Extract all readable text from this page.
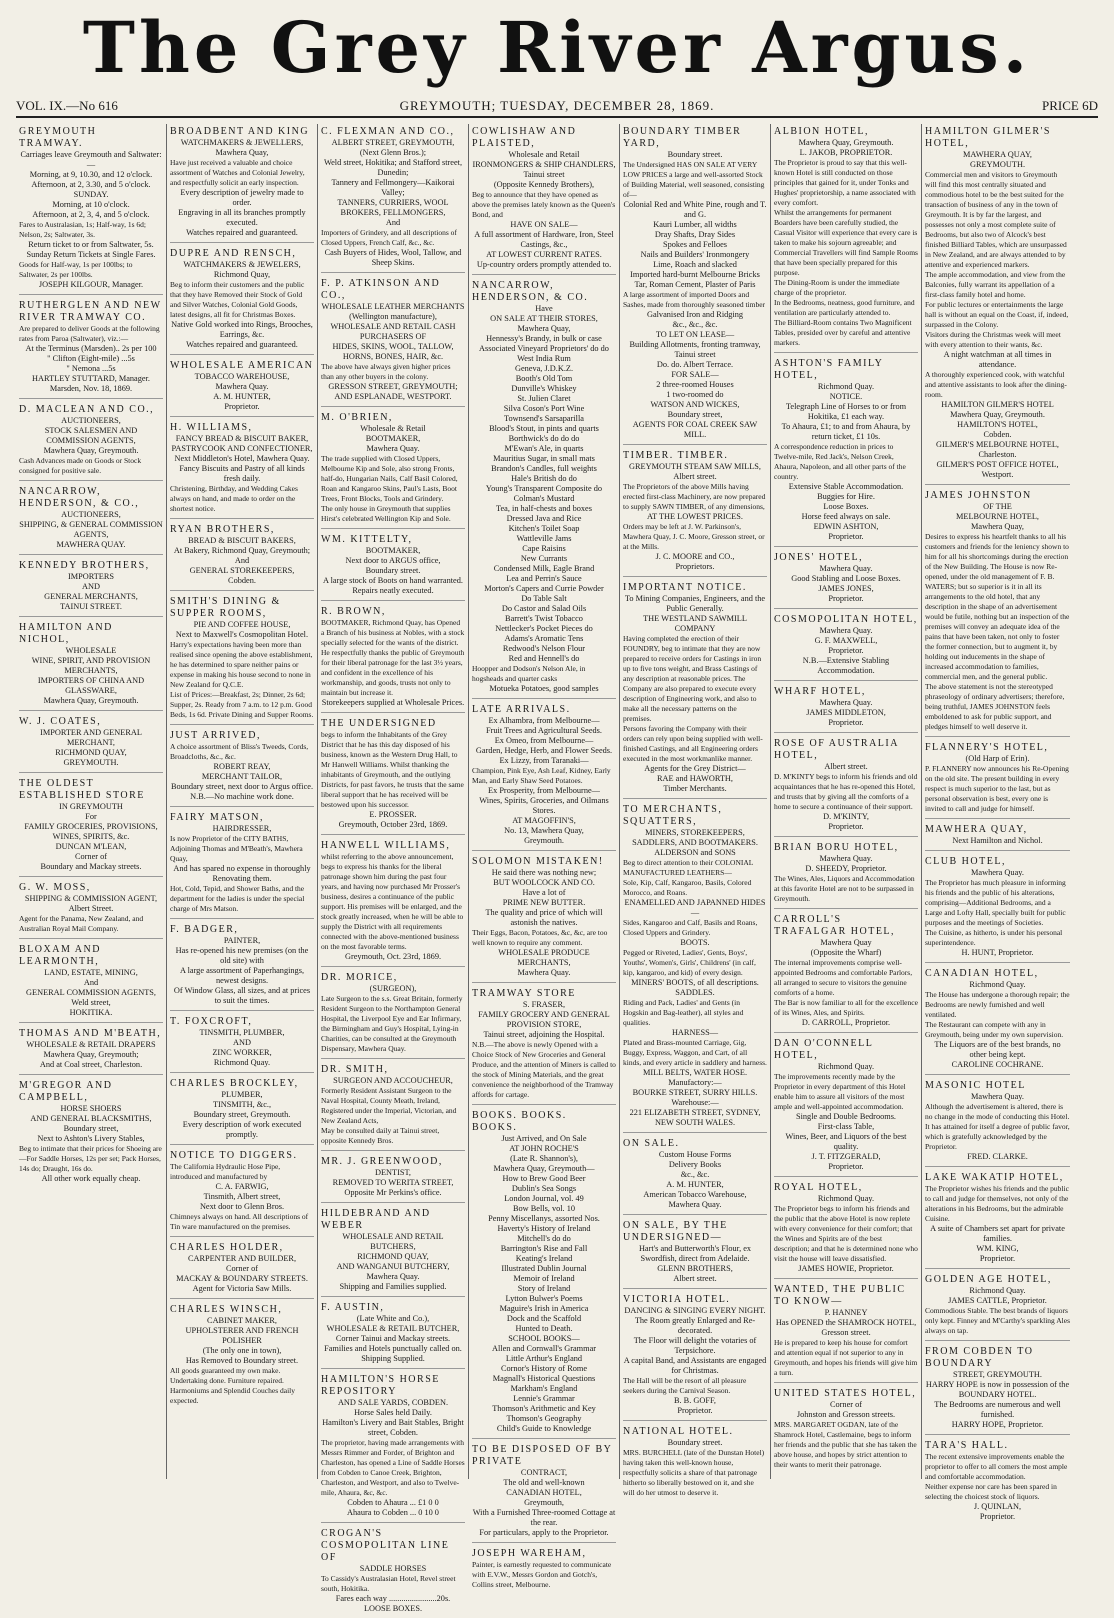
The Grey River Argus.
VOL. IX.—No 616	GREYMOUTH; TUESDAY, DECEMBER 28, 1869.	PRICE 6D
GREYMOUTH TRAMWAY.
Carriages leave Greymouth and Saltwater:—
Morning, at 9, 10.30, and 12 o'clock.
Afternoon, at 2, 3.30, and 5 o'clock.
SUNDAY.
Morning, at 10 o'clock.
Afternoon, at 2, 3, 4, and 5 o'clock.
Fares to Australasian, 1s; Half-way, 1s 6d; Nelson, 2s; Saltwater, 3s.
Return ticket to or from Saltwater, 5s.
Sunday Return Tickets at Single Fares.
Goods for Half-way, 1s per 100lbs; to Saltwater, 2s per 100lbs.
JOSEPH KILGOUR, Manager.
RUTHERGLEN AND NEW RIVER TRAMWAY CO.
Are prepared to deliver Goods at the following rates from Paroa (Saltwater), viz.:—
At the Terminus (Marsden).. 2s per 100
" Clifton (Eight-mile) ...5s
" Nemona ...5s
HARTLEY STUTTARD, Manager.
Marsden, Nov. 18, 1869.
D. MACLEAN AND CO.,
AUCTIONEERS,
STOCK SALESMEN AND COMMISSION AGENTS,
Mawhera Quay, Greymouth.
Cash Advances made on Goods or Stock consigned for positive sale.
NANCARROW, HENDERSON, & CO.,
AUCTIONEERS,
SHIPPING, & GENERAL COMMISSION AGENTS,
MAWHERA QUAY.
KENNEDY BROTHERS,
IMPORTERS
AND
GENERAL MERCHANTS,
TAINUI STREET.
HAMILTON AND NICHOL,
WHOLESALE
WINE, SPIRIT, AND PROVISION MERCHANTS,
IMPORTERS OF CHINA AND GLASSWARE,
Mawhera Quay, Greymouth.
W. J. COATES,
IMPORTER AND GENERAL MERCHANT,
RICHMOND QUAY,
GREYMOUTH.
THE OLDEST ESTABLISHED STORE
IN GREYMOUTH
For
FAMILY GROCERIES, PROVISIONS, WINES, SPIRITS, &c.
DUNCAN M'LEAN,
Corner of
Boundary and Mackay streets.
G. W. MOSS,
SHIPPING & COMMISSION AGENT,
Albert Street.
Agent for the Panama, New Zealand, and Australian Royal Mail Company.
BLOXAM AND LEARMONTH,
LAND, ESTATE, MINING,
And
GENERAL COMMISSION AGENTS,
Weld street,
HOKITIKA.
THOMAS AND M'BEATH,
WHOLESALE & RETAIL DRAPERS
Mawhera Quay, Greymouth;
And at Coal street, Charleston.
M'GREGOR AND CAMPBELL,
HORSE SHOERS
AND GENERAL BLACKSMITHS,
Boundary street,
Next to Ashton's Livery Stables,
Beg to intimate that their prices for Shoeing are—For Saddle Horses, 12s per set; Pack Horses, 14s do; Draught, 16s do.
All other work equally cheap.
BROADBENT AND KING
WATCHMAKERS & JEWELLERS,
Mawhera Quay,
Have just received a valuable and choice assortment of Watches and Colonial Jewelry, and respectfully solicit an early inspection.
Every description of jewelry made to order.
Engraving in all its branches promptly executed.
Watches repaired and guaranteed.
DUPRE AND RENSCH,
WATCHMAKERS & JEWELERS,
Richmond Quay,
Beg to inform their customers and the public that they have Removed their Stock of Gold and Silver Watches, Colonial Gold Goods, latest designs, all fit for Christmas Boxes.
Native Gold worked into Rings, Brooches, Earrings, &c.
Watches repaired and guaranteed.
WHOLESALE AMERICAN
TOBACCO WAREHOUSE,
Mawhera Quay.
A. M. HUNTER,
Proprietor.
H. WILLIAMS,
FANCY BREAD & BISCUIT BAKER,
PASTRYCOOK AND CONFECTIONER,
Next Middleton's Hotel, Mawhera Quay.
Fancy Biscuits and Pastry of all kinds fresh daily.
Christening, Birthday, and Wedding Cakes always on hand, and made to order on the shortest notice.
RYAN BROTHERS,
BREAD & BISCUIT BAKERS,
At Bakery, Richmond Quay, Greymouth;
And
GENERAL STOREKEEPERS,
Cobden.
SMITH'S DINING & SUPPER ROOMS,
PIE AND COFFEE HOUSE,
Next to Maxwell's Cosmopolitan Hotel.
Harry's expectations having been more than realised since opening the above establishment, he has determined to spare neither pains or expense in making his house second to none in New Zealand for Q.C.E.
List of Prices:—Breakfast, 2s; Dinner, 2s 6d; Supper, 2s. Ready from 7 a.m. to 12 p.m. Good Beds, 1s 6d. Private Dining and Supper Rooms.
JUST ARRIVED,
A choice assortment of Bliss's Tweeds, Cords, Broadcloths, &c., &c.
ROBERT REAY,
MERCHANT TAILOR,
Boundary street, next door to Argus office.
N.B.—No machine work done.
FAIRY MATSON,
HAIRDRESSER,
Is now Proprietor of the CITY BATHS, Adjoining Thomas and M'Beath's, Mawhera Quay,
And has spared no expense in thoroughly Renovating them.
Hot, Cold, Tepid, and Shower Baths, and the department for the ladies is under the special charge of Mrs Matson.
F. BADGER,
PAINTER,
Has re-opened his new premises (on the old site) with
A large assortment of Paperhangings, newest designs.
Of Window Glass, all sizes, and at prices to suit the times.
T. FOXCROFT,
TINSMITH, PLUMBER,
AND
ZINC WORKER,
Richmond Quay.
CHARLES BROCKLEY,
PLUMBER,
TINSMITH, &c.,
Boundary street, Greymouth.
Every description of work executed promptly.
NOTICE TO DIGGERS.
The California Hydraulic Hose Pipe, introduced and manufactured by
C. A. FARWIG,
Tinsmith, Albert street,
Next door to Glenn Bros.
Chimneys always on hand. All descriptions of Tin ware manufactured on the premises.
CHARLES HOLDER,
CARPENTER AND BUILDER,
Corner of
MACKAY & BOUNDARY STREETS.
Agent for Victoria Saw Mills.
CHARLES WINSCH,
CABINET MAKER,
UPHOLSTERER AND FRENCH POLISHER
(The only one in town),
Has Removed to Boundary street.
All goods guaranteed my own make. Undertaking done. Furniture repaired. Harmoniums and Splendid Couches daily expected.
C. FLEXMAN AND CO.,
ALBERT STREET, GREYMOUTH,
(Next Glenn Bros.);
Weld street, Hokitika; and Stafford street, Dunedin;
Tannery and Fellmongery—Kaikorai Valley;
TANNERS, CURRIERS, WOOL BROKERS, FELLMONGERS,
And
Importers of Grindery, and all descriptions of Closed Uppers, French Calf, &c., &c.
Cash Buyers of Hides, Wool, Tallow, and Sheep Skins.
F. P. ATKINSON AND CO.,
WHOLESALE LEATHER MERCHANTS
(Wellington manufacture),
WHOLESALE AND RETAIL CASH PURCHASERS OF
HIDES, SKINS, WOOL, TALLOW, HORNS, BONES, HAIR, &c.
The above have always given higher prices than any other buyers in the colony.
GRESSON STREET, GREYMOUTH; AND ESPLANADE, WESTPORT.
M. O'BRIEN,
Wholesale & Retail
BOOTMAKER,
Mawhera Quay.
The trade supplied with Closed Uppers, Melbourne Kip and Sole, also strong Fronts, half-do, Hungarian Nails, Calf Basil Colored, Roan and Kangaroo Skins, Paul's Lasts, Boot Trees, Front Blocks, Tools and Grindery.
The only house in Greymouth that supplies Hirst's celebrated Wellington Kip and Sole.
WM. KITTELTY,
BOOTMAKER,
Next door to ARGUS office,
Boundary street.
A large stock of Boots on hand warranted.
Repairs neatly executed.
R. BROWN,
BOOTMAKER, Richmond Quay, has Opened a Branch of his business at Nobles, with a stock specially selected for the wants of the district. He respectfully thanks the public of Greymouth for their liberal patronage for the last 3½ years, and confident in the excellence of his workmanship, and goods, trusts not only to maintain but increase it.
Storekeepers supplied at Wholesale Prices.
THE UNDERSIGNED
begs to inform the Inhabitants of the Grey District that he has this day disposed of his business, known as the Western Drug Hall, to Mr Hanwell Williams. Whilst thanking the inhabitants of Greymouth, and the outlying Districts, for past favors, he trusts that the same liberal support that he has received will be bestowed upon his successor.
E. PROSSER.
Greymouth, October 23rd, 1869.
HANWELL WILLIAMS,
whilst referring to the above announcement, begs to express his thanks for the liberal patronage shown him during the past four years, and having now purchased Mr Prosser's business, desires a continuance of the public support. His premises will be enlarged, and the stock greatly increased, when he will be able to supply the District with all requirements connected with the above-mentioned business on the most favorable terms.
Greymouth, Oct. 23rd, 1869.
DR. MORICE,
(SURGEON),
Late Surgeon to the s.s. Great Britain, formerly Resident Surgeon to the Northampton General Hospital, the Liverpool Eye and Ear Infirmary, the Birmingham and Guy's Hospital, Lying-in Charities, can be consulted at the Greymouth Dispensary, Mawhera Quay.
DR. SMITH,
SURGEON AND ACCOUCHEUR,
Formerly Resident Assistant Surgeon to the Naval Hospital, County Meath, Ireland,
Registered under the Imperial, Victorian, and New Zealand Acts,
May be consulted daily at Tainui street, opposite Kennedy Bros.
MR. J. GREENWOOD,
DENTIST,
REMOVED TO WERITA STREET,
Opposite Mr Perkins's office.
HILDEBRAND AND WEBER
WHOLESALE AND RETAIL BUTCHERS,
RICHMOND QUAY,
AND WANGANUI BUTCHERY,
Mawhera Quay.
Shipping and Families supplied.
F. AUSTIN,
(Late White and Co.),
WHOLESALE & RETAIL BUTCHER,
Corner Tainui and Mackay streets.
Families and Hotels punctually called on.
Shipping Supplied.
HAMILTON'S HORSE REPOSITORY
AND SALE YARDS, COBDEN.
Horse Sales held Daily.
Hamilton's Livery and Bait Stables, Bright street, Cobden.
The proprietor, having made arrangements with Messrs Rimmer and Forder, of Brighton and Charleston, has opened a Line of Saddle Horses from Cobden to Canoe Creek, Brighton, Charleston, and Westport, and also to Twelve-mile, Ahaura, &c, &c.
Cobden to Ahaura ... £1 0 0
Ahaura to Cobden ... 0 10 0
CROGAN'S COSMOPOLITAN LINE OF
SADDLE HORSES
To Cassidy's Australasian Hotel, Revel street south, Hokitika.
Fares each way .......................20s.
LOOSE BOXES.
COWLISHAW AND PLAISTED,
Wholesale and Retail
IRONMONGERS & SHIP CHANDLERS,
Tainui street
(Opposite Kennedy Brothers),
Beg to announce that they have opened as above the premises lately known as the Queen's Bond, and
HAVE ON SALE—
A full assortment of Hardware, Iron, Steel Castings, &c.,
AT LOWEST CURRENT RATES.
Up-country orders promptly attended to.
NANCARROW, HENDERSON, & CO.
Have
ON SALE AT THEIR STORES,
Mawhera Quay,
Hennessy's Brandy, in bulk or case
Associated Vineyard Proprietors' do do
West India Rum
Geneva, J.D.K.Z.
Booth's Old Tom
Dunville's Whiskey
St. Julien Claret
Silva Coson's Port Wine
Townsend's Sarsaparilla
Blood's Stout, in pints and quarts
Borthwick's do do do
M'Ewan's Ale, in quarts
Mauritius Sugar, in small mats
Brandon's Candles, full weights
Hale's British do do
Young's Transparent Composite do
Colman's Mustard
Tea, in half-chests and boxes
Dressed Java and Rice
Kitchen's Toilet Soap
Wattleville Jams
Cape Raisins
New Currants
Condensed Milk, Eagle Brand
Lea and Perrin's Sauce
Morton's Capers and Currie Powder
Do Table Salt
Do Castor and Salad Oils
Barrett's Twist Tobacco
Nettlecker's Pocket Pieces do
Adams's Aromatic Tens
Redwood's Nelson Flour
Red and Hennell's do
Hoopper and Dodson's Nelson Ale, in hogsheads and quarter casks
Motueka Potatoes, good samples
LATE ARRIVALS.
Ex Alhambra, from Melbourne—
Fruit Trees and Agricultural Seeds.
Ex Omeo, from Melbourne—
Garden, Hedge, Herb, and Flower Seeds.
Ex Lizzy, from Taranaki—
Champion, Pink Eye, Ash Leaf, Kidney, Early Man, and Early Shaw Seed Potatoes.
Ex Prosperity, from Melbourne—
Wines, Spirits, Groceries, and Oilmans Stores.
AT MAGOFFIN'S,
No. 13, Mawhera Quay,
Greymouth.
SOLOMON MISTAKEN!
He said there was nothing new;
BUT WOOLCOCK AND CO.
Have a lot of
PRIME NEW BUTTER.
The quality and price of which will astonish the natives.
Their Eggs, Bacon, Potatoes, &c, &c, are too well known to require any comment.
WHOLESALE PRODUCE MERCHANTS,
Mawhera Quay.
TRAMWAY STORE
S. FRASER,
FAMILY GROCERY AND GENERAL PROVISION STORE,
Tainui street, adjoining the Hospital.
N.B.—The above is newly Opened with a Choice Stock of New Groceries and General Produce, and the attention of Miners is called to the stock of Mining Materials, and the great convenience the neighborhood of the Tramway affords for cartage.
BOOKS. BOOKS. BOOKS.
Just Arrived, and On Sale
AT JOHN ROCHE'S
(Late R. Shannon's),
Mawhera Quay, Greymouth—
How to Brew Good Beer
Dublin's Sea Songs
London Journal, vol. 49
Bow Bells, vol. 10
Penny Miscellanys, assorted Nos.
Haverty's History of Ireland
Mitchell's do do
Barrington's Rise and Fall
Keating's Ireland
Illustrated Dublin Journal
Memoir of Ireland
Story of Ireland
Lytton Bulwer's Poems
Maguire's Irish in America
Dock and the Scaffold
Hunted to Death.
SCHOOL BOOKS—
Allen and Cornwall's Grammar
Little Arthur's England
Cornor's History of Rome
Magnall's Historical Questions
Markham's England
Lennie's Grammar
Thomson's Arithmetic and Key
Thomson's Geography
Child's Guide to Knowledge
TO BE DISPOSED OF BY PRIVATE
CONTRACT,
The old and well-known
CANADIAN HOTEL,
Greymouth,
With a Furnished Three-roomed Cottage at the rear.
For particulars, apply to the Proprietor.
JOSEPH WAREHAM,
Painter, is earnestly requested to communicate with E.V.W., Messrs Gordon and Gotch's, Collins street, Melbourne.
BOUNDARY TIMBER YARD,
Boundary street.
The Undersigned HAS ON SALE AT VERY LOW PRICES a large and well-assorted Stock of Building Material, well seasoned, consisting of—
Colonial Red and White Pine, rough and T. and G.
Kauri Lumber, all widths
Dray Shafts, Dray Sides
Spokes and Felloes
Nails and Builders' Ironmongery
Lime, Roach and slacked
Imported hard-burnt Melbourne Bricks
Tar, Roman Cement, Plaster of Paris
A large assortment of imported Doors and Sashes, made from thoroughly seasoned timber
Galvanised Iron and Ridging
&c., &c., &c.
TO LET ON LEASE—
Building Allotments, fronting tramway, Tainui street
Do. do. Albert Terrace.
FOR SALE—
2 three-roomed Houses
1 two-roomed do
WATSON AND WICKES,
Boundary street,
AGENTS FOR COAL CREEK SAW MILL.
TIMBER. TIMBER.
GREYMOUTH STEAM SAW MILLS,
Albert street.
The Proprietors of the above Mills having erected first-class Machinery, are now prepared to supply SAWN TIMBER, of any dimensions,
AT THE LOWEST PRICES.
Orders may be left at J. W. Parkinson's, Mawhera Quay, J. C. Moore, Gresson street, or at the Mills.
J. C. MOORE and CO.,
Proprietors.
IMPORTANT NOTICE.
To Mining Companies, Engineers, and the Public Generally.
THE WESTLAND SAWMILL COMPANY
Having completed the erection of their FOUNDRY, beg to intimate that they are now prepared to receive orders for Castings in iron up to five tons weight, and Brass Castings of any description at reasonable prices. The Company are also prepared to execute every description of Engineering work, and also to make all the necessary patterns on the premises.
Persons favoring the Company with their orders can rely upon being supplied with well-finished Castings, and all Engineering orders executed in the most workmanlike manner.
Agents for the Grey District—
RAE and HAWORTH,
Timber Merchants.
TO MERCHANTS, SQUATTERS,
MINERS, STOREKEEPERS, SADDLERS, AND BOOTMAKERS.
ALDERSON and SONS
Beg to direct attention to their COLONIAL MANUFACTURED LEATHERS—
Sole, Kip, Calf, Kangaroo, Basils, Colored Morocco, and Roans.
ENAMELLED AND JAPANNED HIDES—
Sides, Kangaroo and Calf, Basils and Roans, Closed Uppers and Grindery.
BOOTS.
Pegged or Riveted, Ladies', Gents, Boys', Youths', Women's, Girls', Childrens' (in calf, kip, kangaroo, and kid) of every design.
MINERS' BOOTS, of all descriptions.
SADDLES.
Riding and Pack, Ladies' and Gents (in Hogskin and Bag-leather), all styles and qualities.
HARNESS—
Plated and Brass-mounted Carriage, Gig, Buggy, Express, Waggon, and Cart, of all kinds, and every article in saddlery and harness.
MILL BELTS, WATER HOSE.
Manufactory:—
BOURKE STREET, SURRY HILLS.
Warehouse:—
221 ELIZABETH STREET, SYDNEY, NEW SOUTH WALES.
ON SALE.
Custom House Forms
Delivery Books
&c., &c.
A. M. HUNTER,
American Tobacco Warehouse,
Mawhera Quay.
ON SALE, BY THE UNDERSIGNED—
Hart's and Butterworth's Flour, ex
Swordfish, direct from Adelaide.
GLENN BROTHERS,
Albert street.
VICTORIA HOTEL.
DANCING & SINGING EVERY NIGHT.
The Room greatly Enlarged and Re-decorated.
The Floor will delight the votaries of Terpsichore.
A capital Band, and Assistants are engaged for Christmas.
The Hall will be the resort of all pleasure seekers during the Carnival Season.
B. B. GOFF,
Proprietor.
NATIONAL HOTEL.
Boundary street.
MRS. BURCHELL (late of the Dunstan Hotel) having taken this well-known house, respectfully solicits a share of that patronage hitherto so liberally bestowed on it, and she will do her utmost to deserve it.
ALBION HOTEL,
Mawhera Quay, Greymouth.
L. JAKOB, PROPRIETOR.
The Proprietor is proud to say that this well-known Hotel is still conducted on those principles that gained for it, under Tonks and Hughes' proprietorship, a name associated with every comfort.
Whilst the arrangements for permanent Boarders have been carefully studied, the Casual Visitor will experience that every care is taken to make his sojourn agreeable; and Commercial Travellers will find Sample Rooms that have been specially prepared for this purpose.
The Dining-Room is under the immediate charge of the proprietor.
In the Bedrooms, neatness, good furniture, and ventilation are particularly attended to.
The Billiard-Room contains Two Magnificent Tables, presided over by careful and attentive markers.
ASHTON'S FAMILY HOTEL,
Richmond Quay.
NOTICE.
Telegraph Line of Horses to or from Hokitika, £1 each way.
To Ahaura, £1; to and from Ahaura, by return ticket, £1 10s.
A correspondence reduction in prices to Twelve-mile, Red Jack's, Nelson Creek, Ahaura, Napoleon, and all other parts of the country.
Extensive Stable Accommodation.
Buggies for Hire.
Loose Boxes.
Horse feed always on sale.
EDWIN ASHTON,
Proprietor.
JONES' HOTEL,
Mawhera Quay.
Good Stabling and Loose Boxes.
JAMES JONES,
Proprietor.
COSMOPOLITAN HOTEL,
Mawhera Quay.
G. F. MAXWELL,
Proprietor.
N.B.—Extensive Stabling Accommodation.
WHARF HOTEL,
Mawhera Quay.
JAMES MIDDLETON,
Proprietor.
ROSE OF AUSTRALIA HOTEL,
Albert street.
D. M'KINTY begs to inform his friends and old acquaintances that he has re-opened this Hotel, and trusts that by giving all the comforts of a home to secure a continuance of their support.
D. M'KINTY,
Proprietor.
BRIAN BORU HOTEL,
Mawhera Quay.
D. SHEEDY, Proprietor.
The Wines, Ales, Liquors and Accommodation at this favorite Hotel are not to be surpassed in Greymouth.
CARROLL'S TRAFALGAR HOTEL,
Mawhera Quay
(Opposite the Wharf)
The internal improvements comprise well-appointed Bedrooms and comfortable Parlors, all arranged to secure to visitors the genuine comforts of a home.
The Bar is now familiar to all for the excellence of its Wines, Ales, and Spirits.
D. CARROLL, Proprietor.
DAN O'CONNELL HOTEL,
Richmond Quay.
The improvements recently made by the Proprietor in every department of this Hotel enable him to assure all visitors of the most ample and well-appointed accommodation.
Single and Double Bedrooms.
First-class Table,
Wines, Beer, and Liquors of the best quality.
J. T. FITZGERALD,
Proprietor.
ROYAL HOTEL,
Richmond Quay.
The Proprietor begs to inform his friends and the public that the above Hotel is now replete with every convenience for their comfort; that the Wines and Spirits are of the best description; and that he is determined none who visit the house will leave dissatisfied.
JAMES HOWIE, Proprietor.
WANTED, THE PUBLIC TO KNOW—
P. HANNEY
Has OPENED the SHAMROCK HOTEL,
Gresson street.
He is prepared to keep his house for comfort and attention equal if not superior to any in Greymouth, and hopes his friends will give him a turn.
UNITED STATES HOTEL,
Corner of
Johnston and Gresson streets.
MRS. MARGARET OGDAN, late of the Shamrock Hotel, Castlemaine, begs to inform her friends and the public that she has taken the above house, and hopes by strict attention to their wants to merit their patronage.
HAMILTON GILMER'S HOTEL,
MAWHERA QUAY,
GREYMOUTH.
Commercial men and visitors to Greymouth will find this most centrally situated and commodious hotel to be the best suited for the transaction of business of any in the town of Greymouth. It is by far the largest, and possesses not only a most complete suite of Bedrooms, but also two of Alcock's best finished Billiard Tables, which are unsurpassed in New Zealand, and are always attended to by attentive and experienced markers.
The ample accommodation, and view from the Balconies, fully warrant its appellation of a first-class family hotel and home.
For public lectures or entertainments the large hall is without an equal on the Coast, if, indeed, surpassed in the Colony.
Visitors during the Christmas week will meet with every attention to their wants, &c.
A night watchman at all times in attendance.
A thoroughly experienced cook, with watchful and attentive assistants to look after the dining-room.
HAMILTON GILMER'S HOTEL
Mawhera Quay, Greymouth.
HAMILTON'S HOTEL,
Cobden.
GILMER'S MELBOURNE HOTEL,
Charleston.
GILMER'S POST OFFICE HOTEL,
Westport.
JAMES JOHNSTON
OF THE
MELBOURNE HOTEL,
Mawhera Quay,
Desires to express his heartfelt thanks to all his customers and friends for the leniency shown to him for all his shortcomings during the erection of the New Building. The House is now Re-opened, under the old management of F. B. WATERS; but so superior is it in all its arrangements to the old hotel, that any description in the shape of an advertisement would be futile, nothing but an inspection of the premises will convey an adequate idea of the pains that have been taken, not only to foster the former connection, but to augment it, by holding out inducements in the shape of increased accommodation to families, commercial men, and the general public.
The above statement is not the stereotyped phraseology of ordinary advertisers; therefore, being truthful, JAMES JOHNSTON feels emboldened to ask for public support, and pledges himself to well deserve it.
FLANNERY'S HOTEL,
(Old Harp of Erin).
P. FLANNERY now announces his Re-Opening on the old site. The present building in every respect is much superior to the last, but as personal observation is best, every one is invited to call and judge for himself.
MAWHERA QUAY,
Next Hamilton and Nichol.
CLUB HOTEL,
Mawhera Quay.
The Proprietor has much pleasure in informing his friends and the public of his alterations, comprising—Additional Bedrooms, and a Large and Lofty Hall, specially built for public purposes and the meetings of Societies.
The Cuisine, as hitherto, is under his personal superintendence.
H. HUNT, Proprietor.
CANADIAN HOTEL,
Richmond Quay.
The House has undergone a thorough repair; the Bedrooms are newly furnished and well ventilated.
The Restaurant can compete with any in Greymouth, being under my own supervision.
The Liquors are of the best brands, no other being kept.
CAROLINE COCHRANE.
MASONIC HOTEL
Mawhera Quay.
Although the advertisement is altered, there is no change in the mode of conducting this Hotel. It has attained for itself a degree of public favor, which is gratefully acknowledged by the Proprietor.
FRED. CLARKE.
LAKE WAKATIP HOTEL,
The Proprietor wishes his friends and the public to call and judge for themselves, not only of the alterations in his Bedrooms, but the admirable Cuisine.
A suite of Chambers set apart for private families.
WM. KING,
Proprietor.
GOLDEN AGE HOTEL,
Richmond Quay.
JAMES CATTLE, Proprietor.
Commodious Stable. The best brands of liquors only kept. Finney and M'Carthy's sparkling Ales always on tap.
FROM COBDEN TO BOUNDARY
STREET, GREYMOUTH.
HARRY HOPE is now in possession of the
BOUNDARY HOTEL.
The Bedrooms are numerous and well furnished.
HARRY HOPE, Proprietor.
TARA'S HALL.
The recent extensive improvements enable the proprietor to offer to all comers the most ample and comfortable accommodation.
Neither expense nor care has been spared in selecting the choicest stock of liquors.
J. QUINLAN,
Proprietor.
